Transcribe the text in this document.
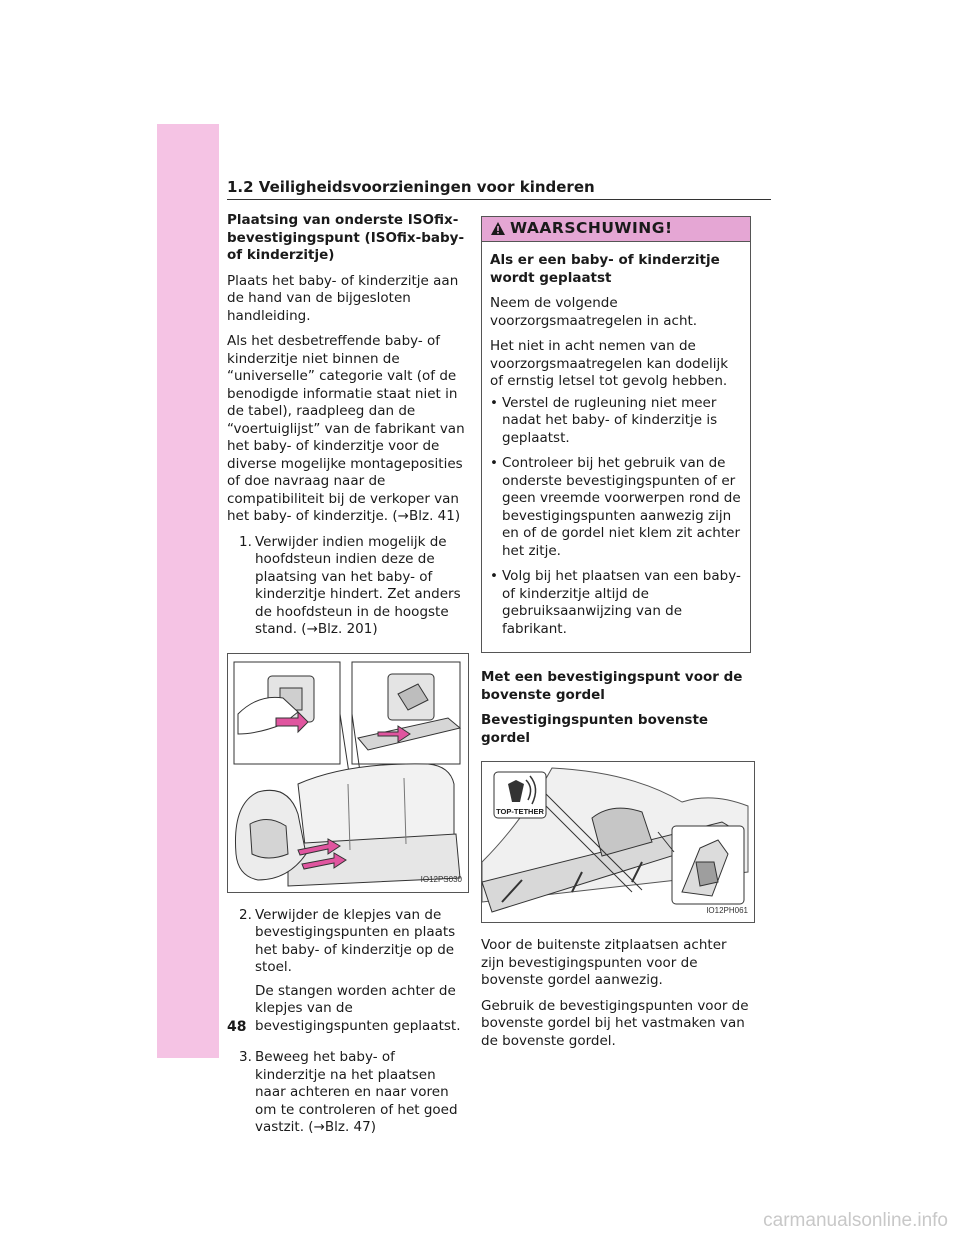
1.2 Veiligheidsvoorzieningen voor kinderen
Plaatsing van onderste ISOfix-bevestigingspunt (ISOfix-baby- of kinderzitje)

Plaats het baby- of kinderzitje aan de hand van de bijgesloten handleiding.

Als het desbetreffende baby- of kinderzitje niet binnen de “universelle” categorie valt (of de benodigde informatie staat niet in de tabel), raadpleeg dan de “voertuiglijst” van de fabrikant van het baby- of kinderzitje voor de diverse mogelijke montageposities of doe navraag naar de compatibiliteit bij de verkoper van het baby- of kinderzitje. (→Blz. 41)

1. Verwijder indien mogelijk de hoofdsteun indien deze de plaatsing van het baby- of kinderzitje hindert. Zet anders de hoofdsteun in de hoogste stand. (→Blz. 201)
IO12PS030
2. Verwijder de klepjes van de bevestigingspunten en plaats het baby- of kinderzitje op de stoel.

De stangen worden achter de klepjes van de bevestigingspunten geplaatst.

3. Beweeg het baby- of kinderzitje na het plaatsen naar achteren en naar voren om te controleren of het goed vastzit. (→Blz. 47)
WAARSCHUWING!
Als er een baby- of kinderzitje wordt geplaatst

Neem de volgende voorzorgsmaatregelen in acht.

Het niet in acht nemen van de voorzorgsmaatregelen kan dodelijk of ernstig letsel tot gevolg hebben.

• Verstel de rugleuning niet meer nadat het baby- of kinderzitje is geplaatst.
• Controleer bij het gebruik van de onderste bevestigingspunten of er geen vreemde voorwerpen rond de bevestigingspunten aanwezig zijn en of de gordel niet klem zit achter het zitje.
• Volg bij het plaatsen van een baby- of kinderzitje altijd de gebruiksaanwijzing van de fabrikant.
Met een bevestigingspunt voor de bovenste gordel
Bevestigingspunten bovenste gordel
TOP-TETHER
IO12PH061

Voor de buitenste zitplaatsen achter zijn bevestigingspunten voor de bovenste gordel aanwezig.

Gebruik de bevestigingspunten voor de bovenste gordel bij het vastmaken van de bovenste gordel.

48
carmanualsonline.info
